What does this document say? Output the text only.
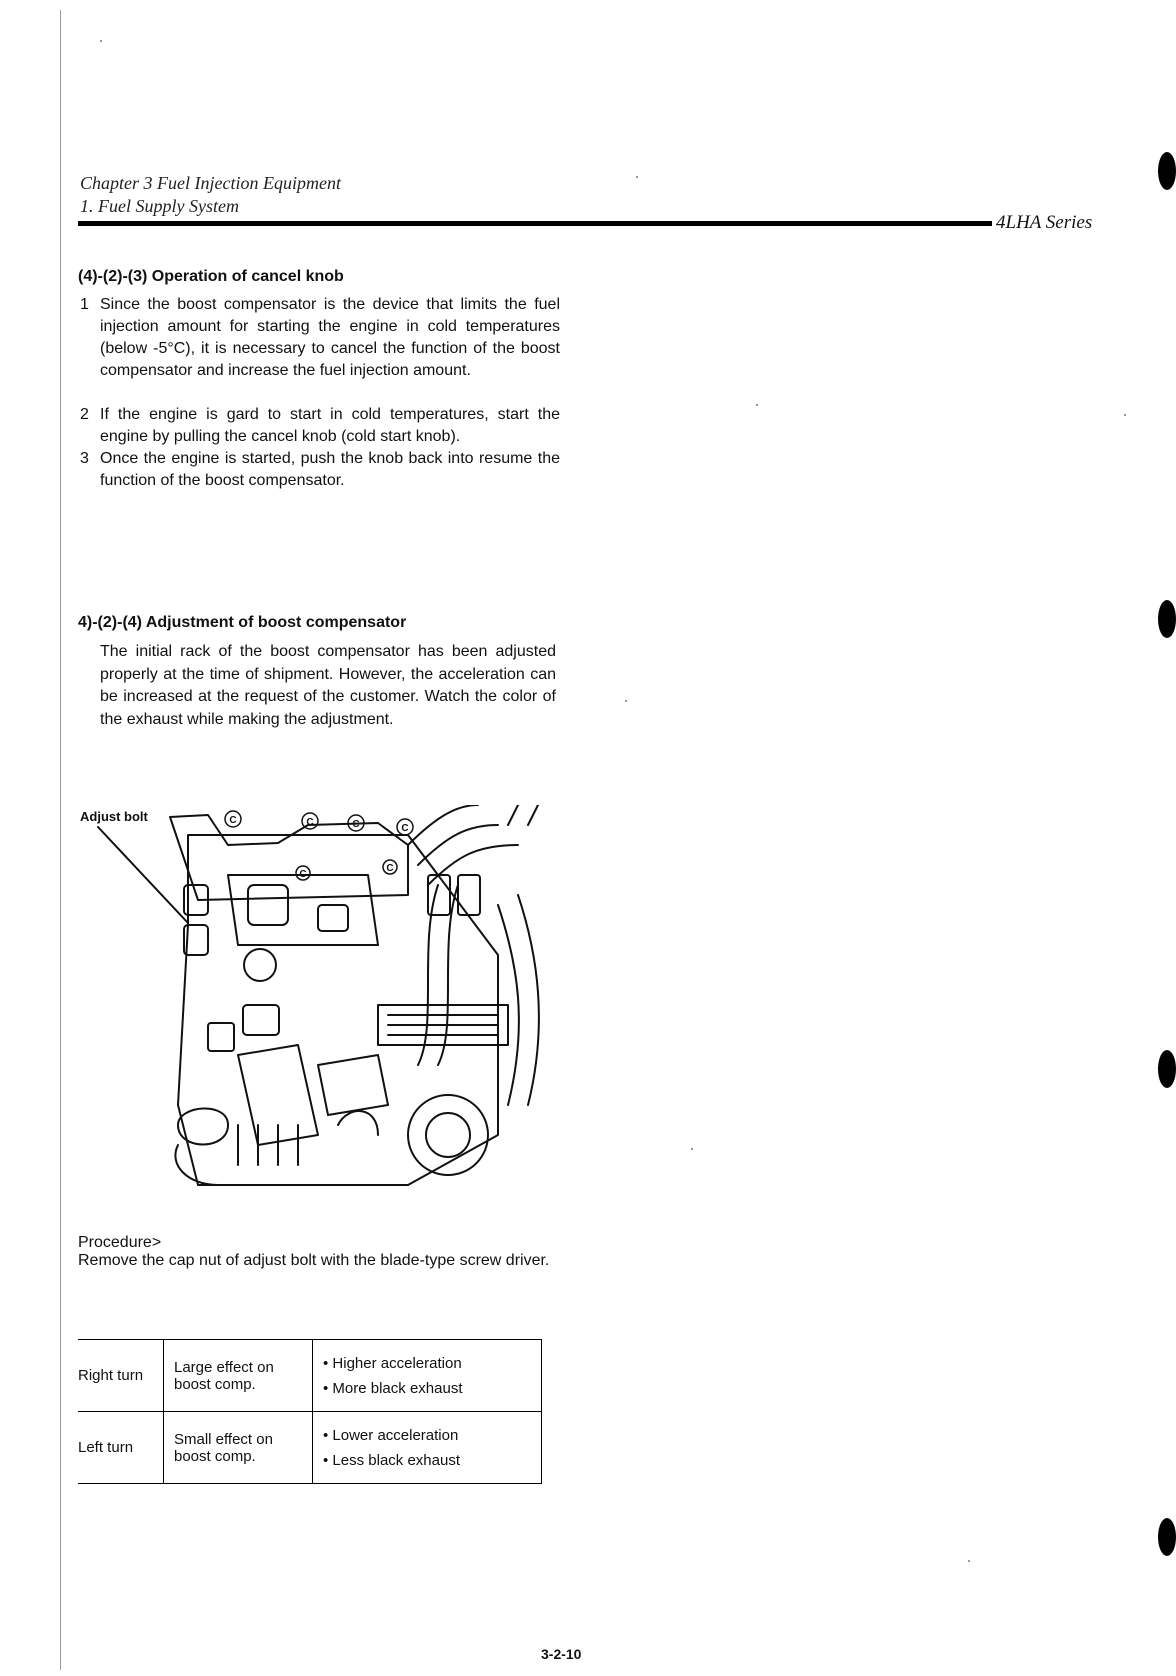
Chapter 3 Fuel Injection Equipment
1. Fuel Supply System
4LHA Series
(4)-(2)-(3) Operation of cancel knob
1 Since the boost compensator is the device that limits the fuel injection amount for starting the engine in cold temperatures (below -5°C), it is necessary to cancel the function of the boost compensator and increase the fuel injection amount.
2 If the engine is gard to start in cold temperatures, start the engine by pulling the cancel knob (cold start knob).
3 Once the engine is started, push the knob back into resume the function of the boost compensator.
4)-(2)-(4) Adjustment of boost compensator
The initial rack of the boost compensator has been adjusted properly at the time of shipment. However, the acceleration can be increased at the request of the customer. Watch the color of the exhaust while making the adjustment.
Adjust bolt	C	C	C	C
C
C
Procedure>
Remove the cap nut of adjust bolt with the blade-type screw driver.
Right turn	Large effect on boost comp.	• Higher acceleration
• More black exhaust

Left turn	Small effect on boost comp.	• Lower acceleration
• Less black exhaust
3-2-10
